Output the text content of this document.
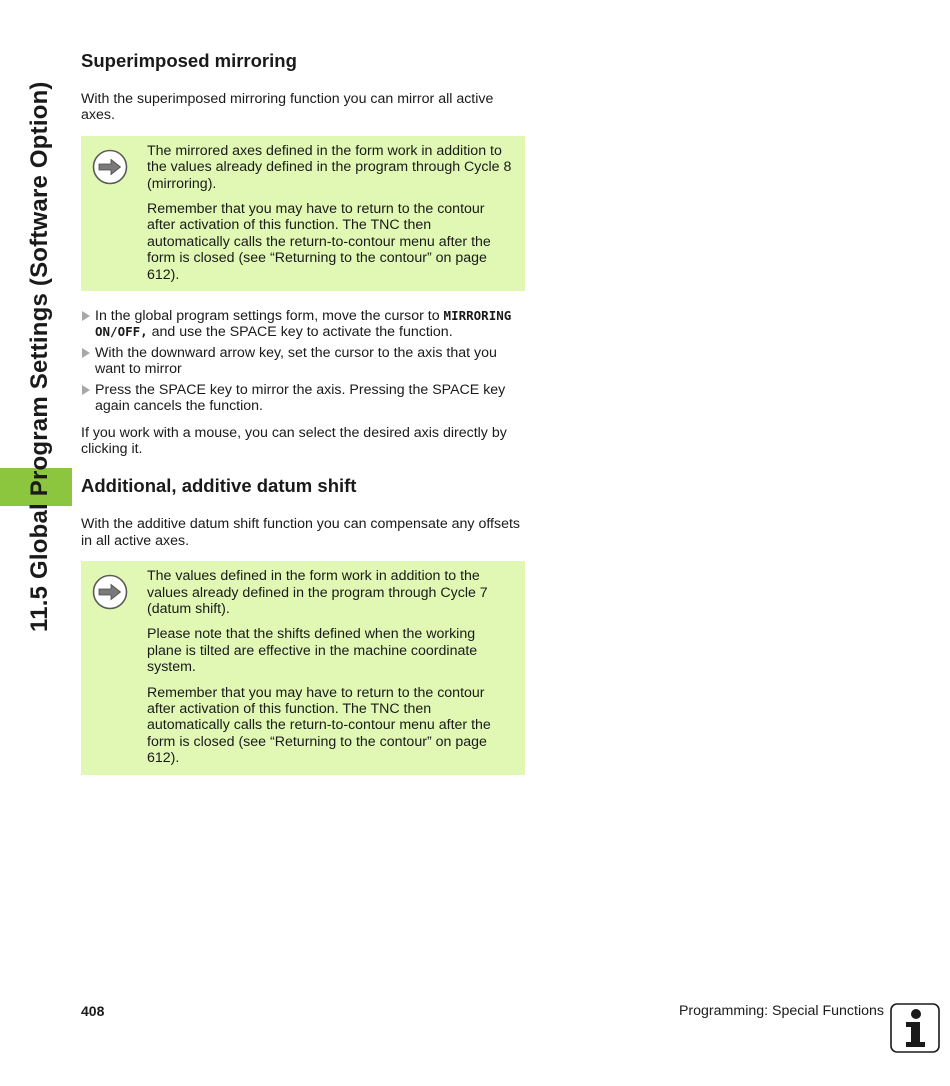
11.5 Global Program Settings (Software Option)
Superimposed mirroring

With the superimposed mirroring function you can mirror all active axes.

The mirrored axes defined in the form work in addition to the values already defined in the program through Cycle 8 (mirroring).

Remember that you may have to return to the contour after activation of this function. The TNC then automatically calls the return-to-contour menu after the form is closed (see “Returning to the contour” on page 612).

In the global program settings form, move the cursor to MIRRORING ON/OFF, and use the SPACE key to activate the function.
With the downward arrow key, set the cursor to the axis that you want to mirror
Press the SPACE key to mirror the axis. Pressing the SPACE key again cancels the function.

If you work with a mouse, you can select the desired axis directly by clicking it.

Additional, additive datum shift

With the additive datum shift function you can compensate any offsets in all active axes.

The values defined in the form work in addition to the values already defined in the program through Cycle 7 (datum shift).

Please note that the shifts defined when the working plane is tilted are effective in the machine coordinate system.

Remember that you may have to return to the contour after activation of this function. The TNC then automatically calls the return-to-contour menu after the form is closed (see “Returning to the contour” on page 612).

408	Programming: Special Functions
